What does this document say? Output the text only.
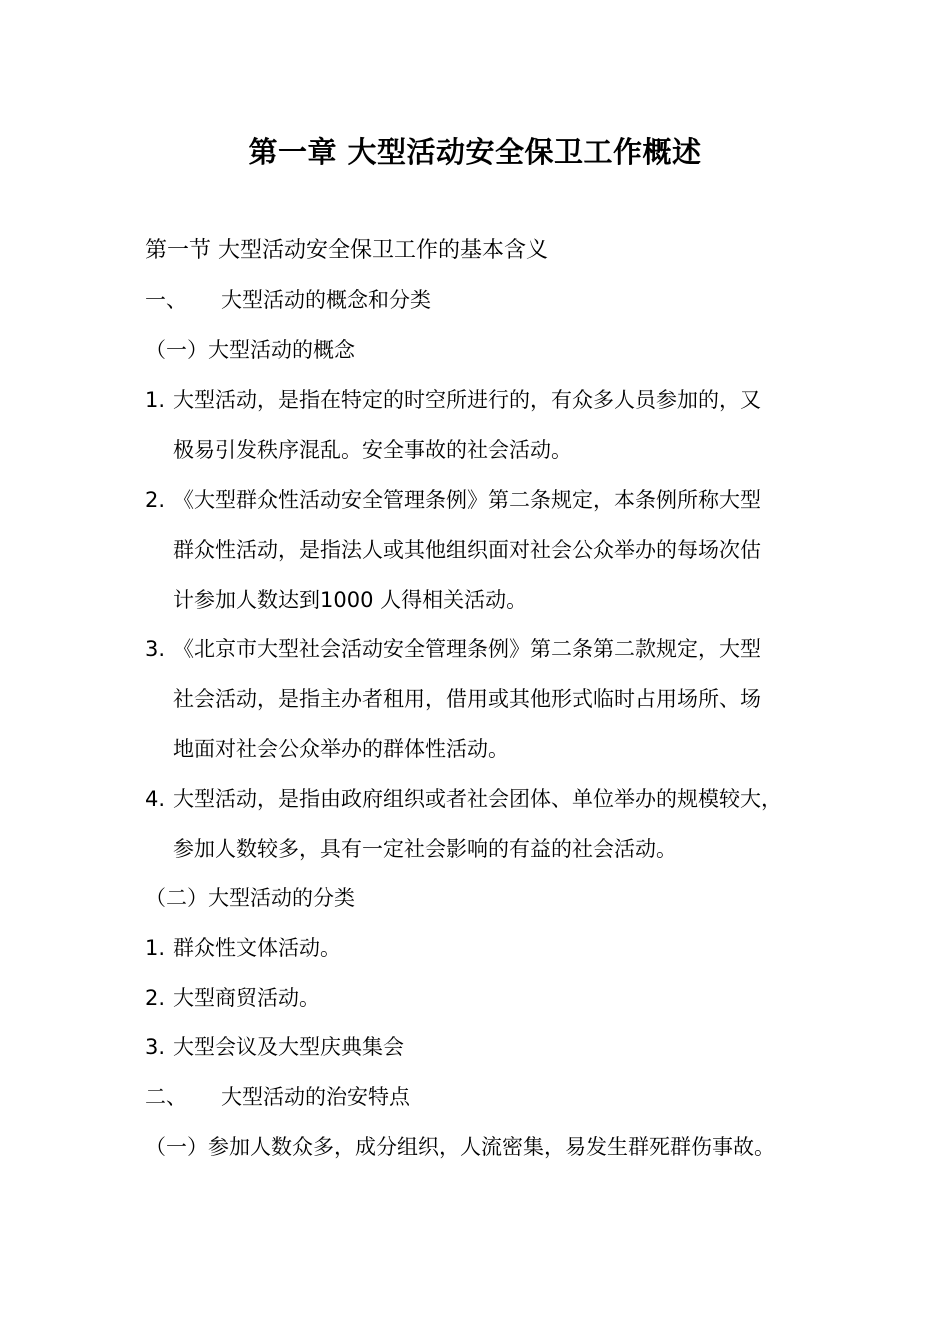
第一章 大型活动安全保卫工作概述
第一节 大型活动安全保卫工作的基本含义
一、 大型活动的概念和分类
（一）大型活动的概念
1. 大型活动，是指在特定的时空所进行的，有众多人员参加的，又
极易引发秩序混乱。安全事故的社会活动。
2. 《大型群众性活动安全管理条例》第二条规定，本条例所称大型
群众性活动，是指法人或其他组织面对社会公众举办的每场次估
计参加人数达到1000 人得相关活动。
3. 《北京市大型社会活动安全管理条例》第二条第二款规定，大型
社会活动，是指主办者租用，借用或其他形式临时占用场所、场
地面对社会公众举办的群体性活动。
4. 大型活动，是指由政府组织或者社会团体、单位举办的规模较大，
参加人数较多，具有一定社会影响的有益的社会活动。
（二）大型活动的分类
1. 群众性文体活动。
2. 大型商贸活动。
3. 大型会议及大型庆典集会
二、 大型活动的治安特点
（一）参加人数众多，成分组织，人流密集，易发生群死群伤事故。
